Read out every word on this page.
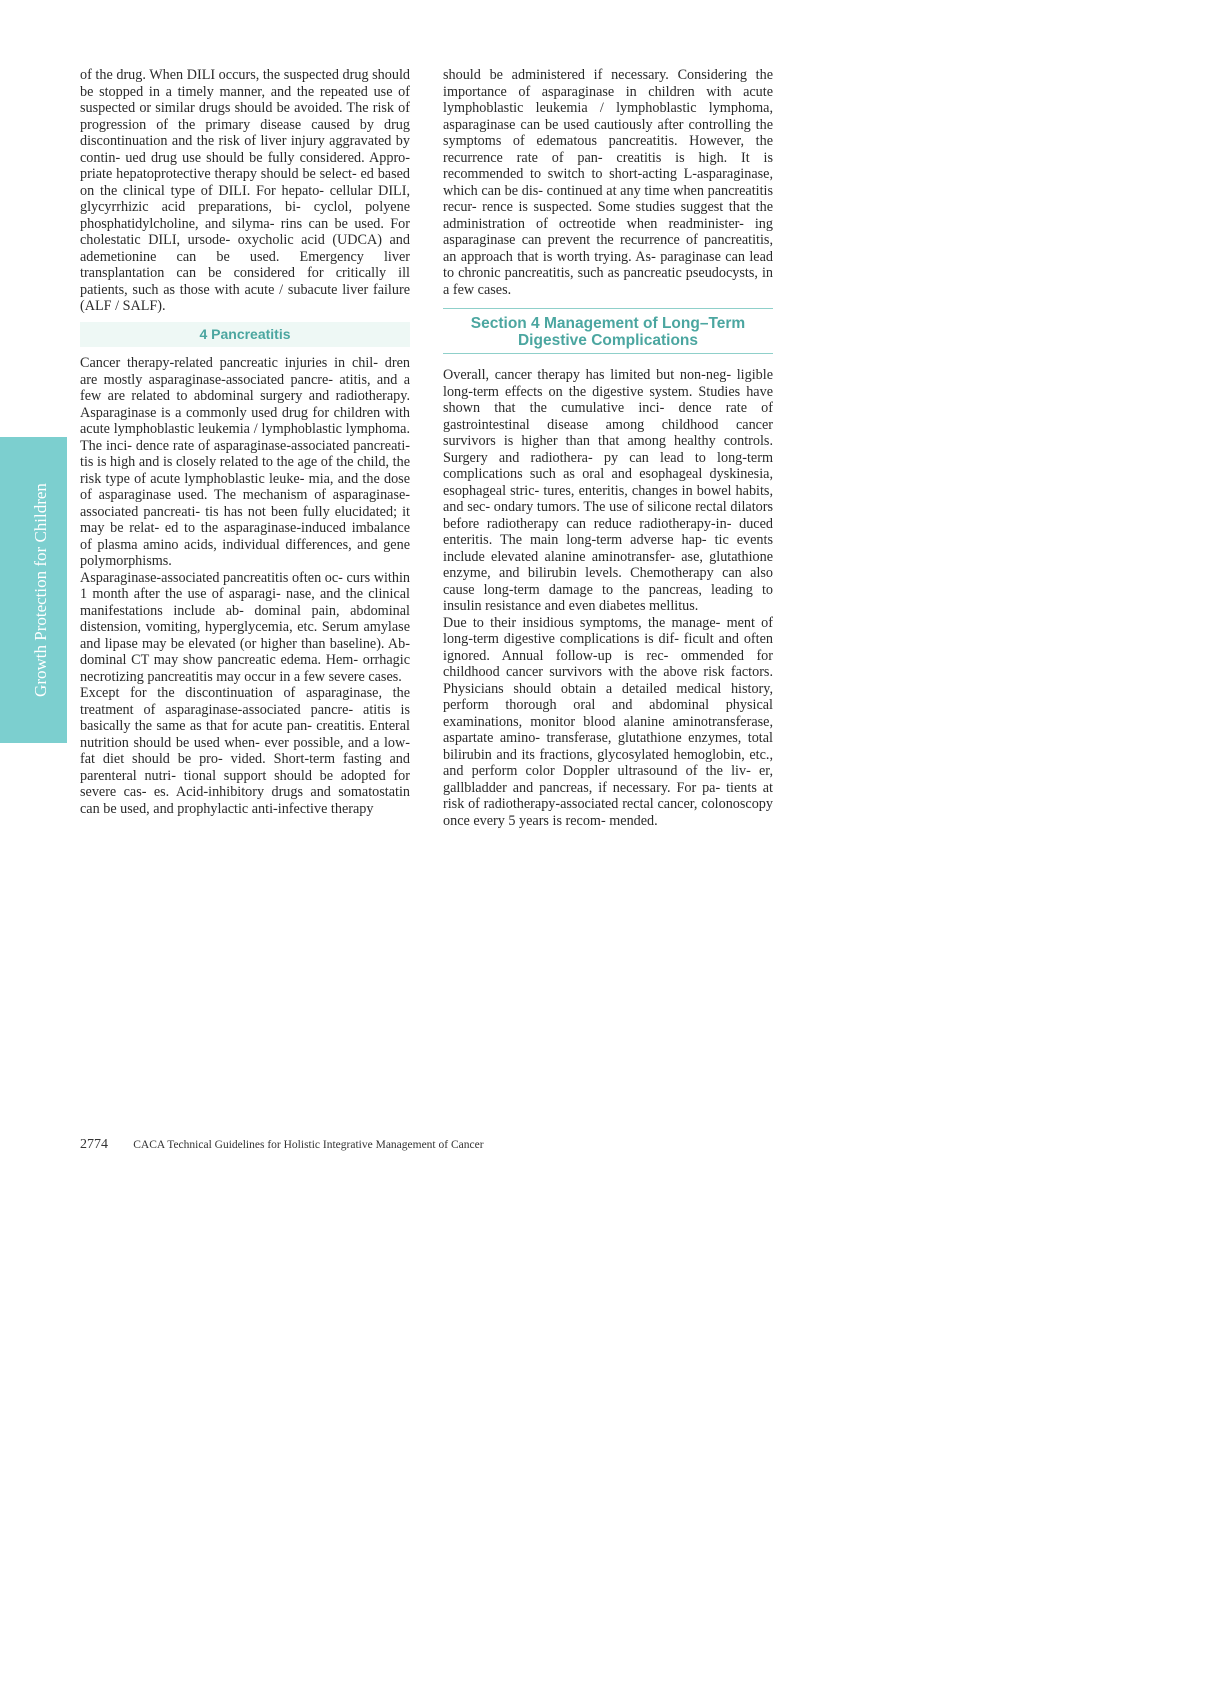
Growth Protection for Children

of the drug. When DILI occurs, the suspected drug should be stopped in a timely manner, and the repeated use of suspected or similar drugs should be avoided. The risk of progression of the primary disease caused by drug discontinuation and the risk of liver injury aggravated by contin- ued drug use should be fully considered. Appro- priate hepatoprotective therapy should be select- ed based on the clinical type of DILI. For hepato- cellular DILI, glycyrrhizic acid preparations, bi- cyclol, polyene phosphatidylcholine, and silyma- rins can be used. For cholestatic DILI, ursode- oxycholic acid (UDCA) and ademetionine can be used. Emergency liver transplantation can be considered for critically ill patients, such as those with acute / subacute liver failure (ALF / SALF).

4 Pancreatitis

Cancer therapy-related pancreatic injuries in chil- dren are mostly asparaginase-associated pancre- atitis, and a few are related to abdominal surgery and radiotherapy. Asparaginase is a commonly used drug for children with acute lymphoblastic leukemia / lymphoblastic lymphoma. The inci- dence rate of asparaginase-associated pancreati- tis is high and is closely related to the age of the child, the risk type of acute lymphoblastic leuke- mia, and the dose of asparaginase used. The mechanism of asparaginase-associated pancreati- tis has not been fully elucidated; it may be relat- ed to the asparaginase-induced imbalance of plasma amino acids, individual differences, and gene polymorphisms.

Asparaginase-associated pancreatitis often oc- curs within 1 month after the use of asparagi- nase, and the clinical manifestations include ab- dominal pain, abdominal distension, vomiting, hyperglycemia, etc. Serum amylase and lipase may be elevated (or higher than baseline). Ab- dominal CT may show pancreatic edema. Hem- orrhagic necrotizing pancreatitis may occur in a few severe cases.

Except for the discontinuation of asparaginase, the treatment of asparaginase-associated pancre- atitis is basically the same as that for acute pan- creatitis. Enteral nutrition should be used when- ever possible, and a low-fat diet should be pro- vided. Short-term fasting and parenteral nutri- tional support should be adopted for severe cas- es. Acid-inhibitory drugs and somatostatin can be used, and prophylactic anti-infective therapy

should be administered if necessary. Considering the importance of asparaginase in children with acute lymphoblastic leukemia / lymphoblastic lymphoma, asparaginase can be used cautiously after controlling the symptoms of edematous pancreatitis. However, the recurrence rate of pan- creatitis is high. It is recommended to switch to short-acting L-asparaginase, which can be dis- continued at any time when pancreatitis recur- rence is suspected. Some studies suggest that the administration of octreotide when readminister- ing asparaginase can prevent the recurrence of pancreatitis, an approach that is worth trying. As- paraginase can lead to chronic pancreatitis, such as pancreatic pseudocysts, in a few cases.

Section 4 Management of Long–Term
Digestive Complications

Overall, cancer therapy has limited but non-neg- ligible long-term effects on the digestive system. Studies have shown that the cumulative inci- dence rate of gastrointestinal disease among childhood cancer survivors is higher than that among healthy controls. Surgery and radiothera- py can lead to long-term complications such as oral and esophageal dyskinesia, esophageal stric- tures, enteritis, changes in bowel habits, and sec- ondary tumors. The use of silicone rectal dilators before radiotherapy can reduce radiotherapy-in- duced enteritis. The main long-term adverse hap- tic events include elevated alanine aminotransfer- ase, glutathione enzyme, and bilirubin levels. Chemotherapy can also cause long-term damage to the pancreas, leading to insulin resistance and even diabetes mellitus.

Due to their insidious symptoms, the manage- ment of long-term digestive complications is dif- ficult and often ignored. Annual follow-up is rec- ommended for childhood cancer survivors with the above risk factors. Physicians should obtain a detailed medical history, perform thorough oral and abdominal physical examinations, monitor blood alanine aminotransferase, aspartate amino- transferase, glutathione enzymes, total bilirubin and its fractions, glycosylated hemoglobin, etc., and perform color Doppler ultrasound of the liv- er, gallbladder and pancreas, if necessary. For pa- tients at risk of radiotherapy-associated rectal cancer, colonoscopy once every 5 years is recom- mended.

2774 CACA Technical Guidelines for Holistic Integrative Management of Cancer
